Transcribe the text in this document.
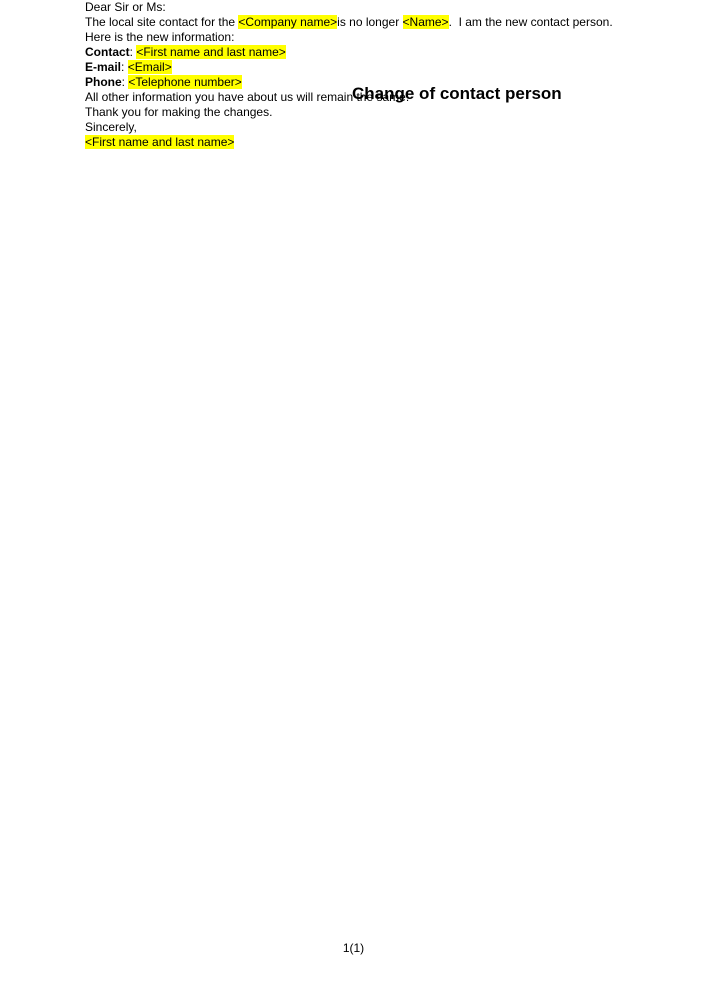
Change of contact person

Dear Sir or Ms:

The local site contact for the <Company name>is no longer <Name>.  I am the new contact person.
Here is the new information:

Contact: <First name and last name>

E-mail: <Email>

Phone: <Telephone number>

All other information you have about us will remain the same.

Thank you for making the changes.

Sincerely,

<First name and last name>

1(1)
